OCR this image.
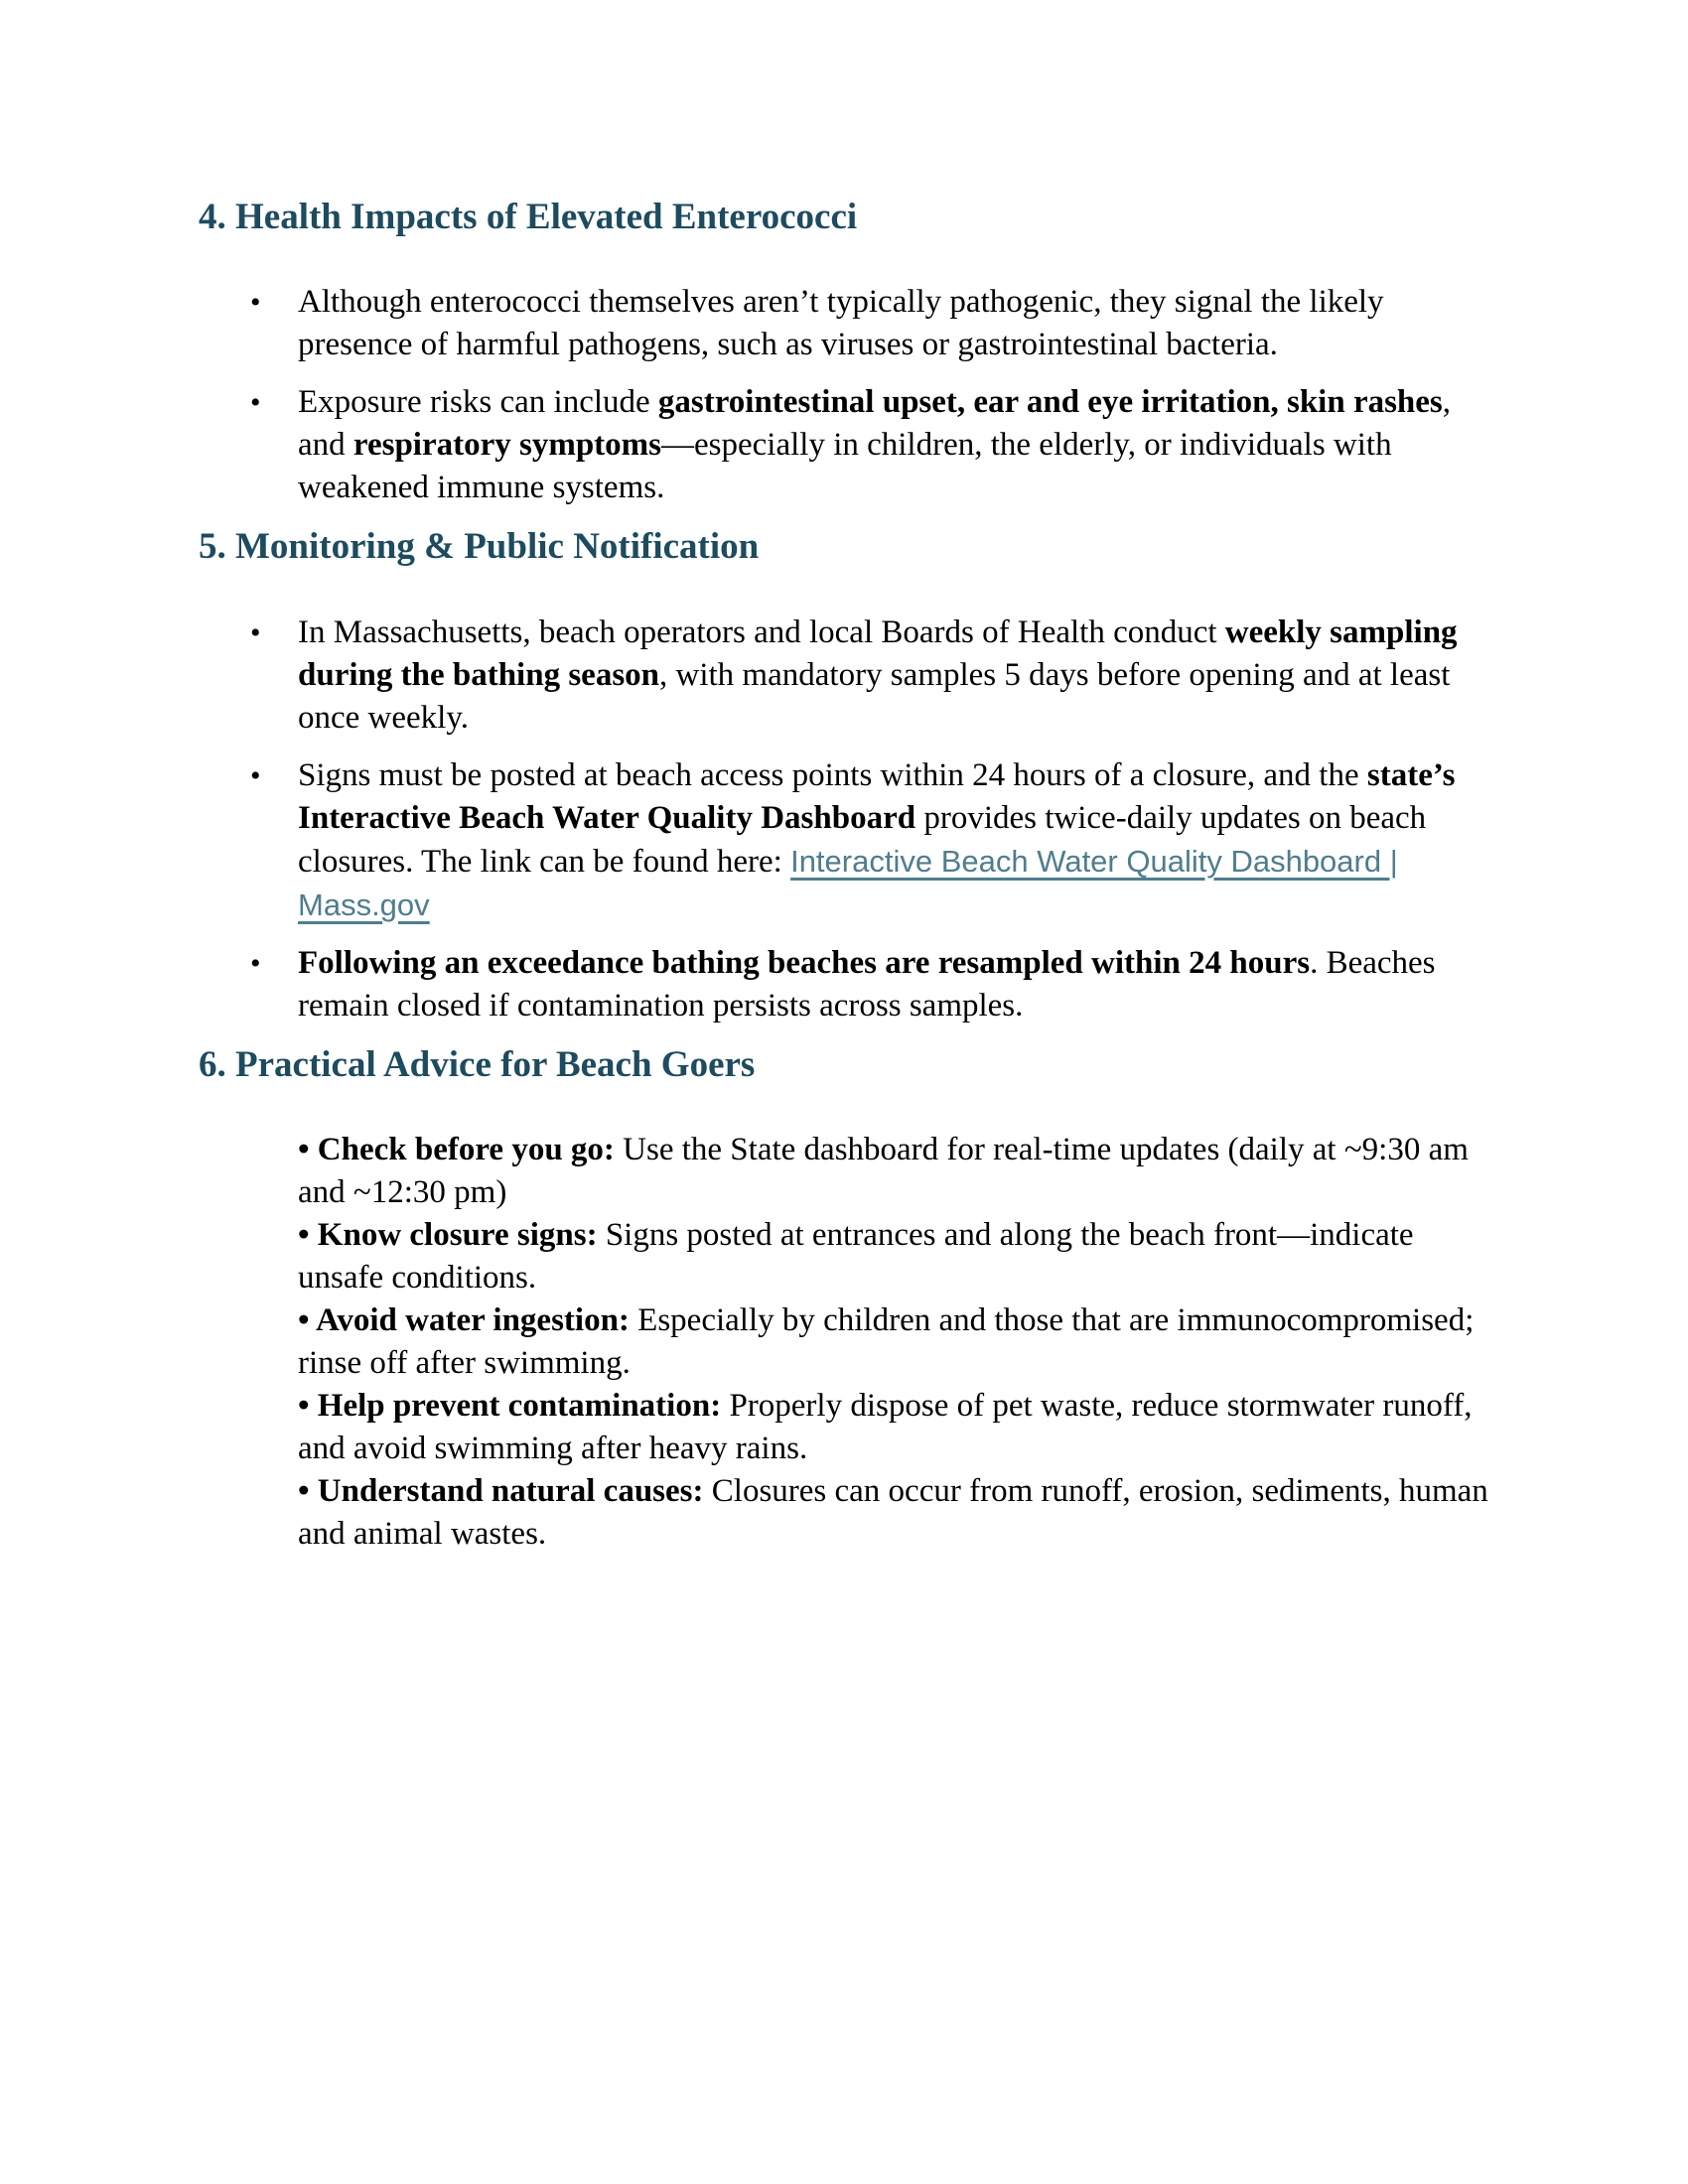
4. Health Impacts of Elevated Enterococci
• Although enterococci themselves aren’t typically pathogenic, they signal the likely presence of harmful pathogens, such as viruses or gastrointestinal bacteria.
• Exposure risks can include gastrointestinal upset, ear and eye irritation, skin rashes, and respiratory symptoms—especially in children, the elderly, or individuals with weakened immune systems.
5. Monitoring & Public Notification
• In Massachusetts, beach operators and local Boards of Health conduct weekly sampling during the bathing season, with mandatory samples 5 days before opening and at least once weekly.
• Signs must be posted at beach access points within 24 hours of a closure, and the state’s Interactive Beach Water Quality Dashboard provides twice-daily updates on beach closures. The link can be found here: Interactive Beach Water Quality Dashboard | Mass.gov
• Following an exceedance bathing beaches are resampled within 24 hours. Beaches remain closed if contamination persists across samples.
6. Practical Advice for Beach Goers

• Check before you go: Use the State dashboard for real-time updates (daily at ~9:30 am and ~12:30 pm)

• Know closure signs: Signs posted at entrances and along the beach front—indicate unsafe conditions.

• Avoid water ingestion: Especially by children and those that are immunocompromised; rinse off after swimming.

• Help prevent contamination: Properly dispose of pet waste, reduce stormwater runoff, and avoid swimming after heavy rains.

• Understand natural causes: Closures can occur from runoff, erosion, sediments, human and animal wastes.
